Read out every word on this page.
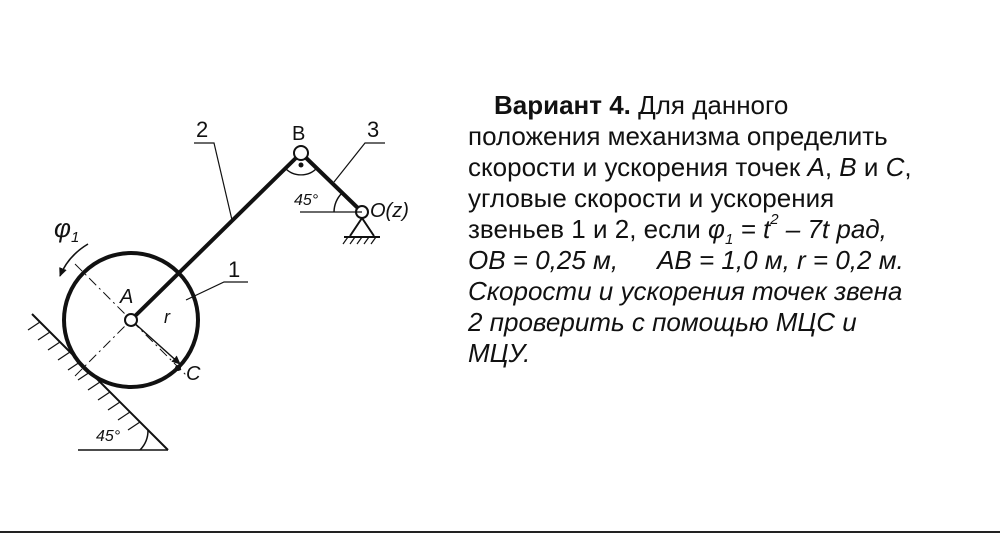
2	3
1
B
A
C
O(z)
r
45°
45°
φ1
 Вариант 4. Для данного
положения механизма определить
скорости и ускорения точек A, B и C,
угловые скорости и ускорения
звеньев 1 и 2, если $\varphi_1 = t^2 - 7t$ рад,
OB = 0,25 м,   AB = 1,0 м, r = 0,2 м.
Скорости и ускорения точек звена
2 проверить с помощью МЦС и
МЦУ.
